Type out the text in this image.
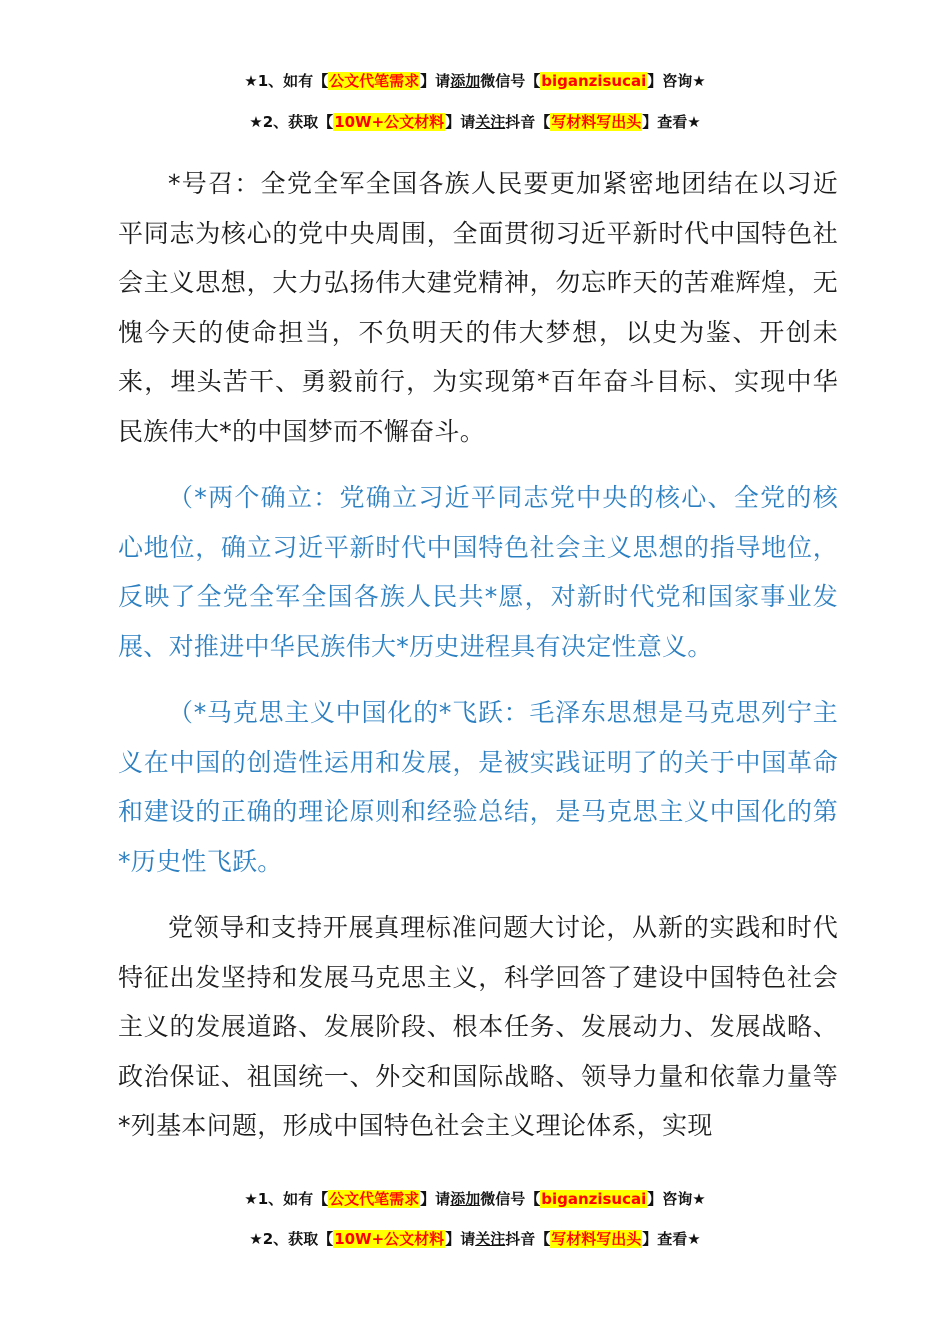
★1、如有【公文代笔需求】请添加微信号【biganzisucai】咨询★
★2、获取【10W+公文材料】请关注抖音【写材料写出头】查看★

*号召：全党全军全国各族人民要更加紧密地团结在以习近平同志为核心的党中央周围，全面贯彻习近平新时代中国特色社会主义思想，大力弘扬伟大建党精神，勿忘昨天的苦难辉煌，无愧今天的使命担当，不负明天的伟大梦想，以史为鉴、开创未来，埋头苦干、勇毅前行，为实现第*百年奋斗目标、实现中华民族伟大*的中国梦而不懈奋斗。

（*两个确立：党确立习近平同志党中央的核心、全党的核心地位，确立习近平新时代中国特色社会主义思想的指导地位，反映了全党全军全国各族人民共*愿，对新时代党和国家事业发展、对推进中华民族伟大*历史进程具有决定性意义。

（*马克思主义中国化的*飞跃：毛泽东思想是马克思列宁主义在中国的创造性运用和发展，是被实践证明了的关于中国革命和建设的正确的理论原则和经验总结，是马克思主义中国化的第*历史性飞跃。

党领导和支持开展真理标准问题大讨论，从新的实践和时代特征出发坚持和发展马克思主义，科学回答了建设中国特色社会主义的发展道路、发展阶段、根本任务、发展动力、发展战略、政治保证、祖国统一、外交和国际战略、领导力量和依靠力量等*列基本问题，形成中国特色社会主义理论体系，实现

★1、如有【公文代笔需求】请添加微信号【biganzisucai】咨询★
★2、获取【10W+公文材料】请关注抖音【写材料写出头】查看★
